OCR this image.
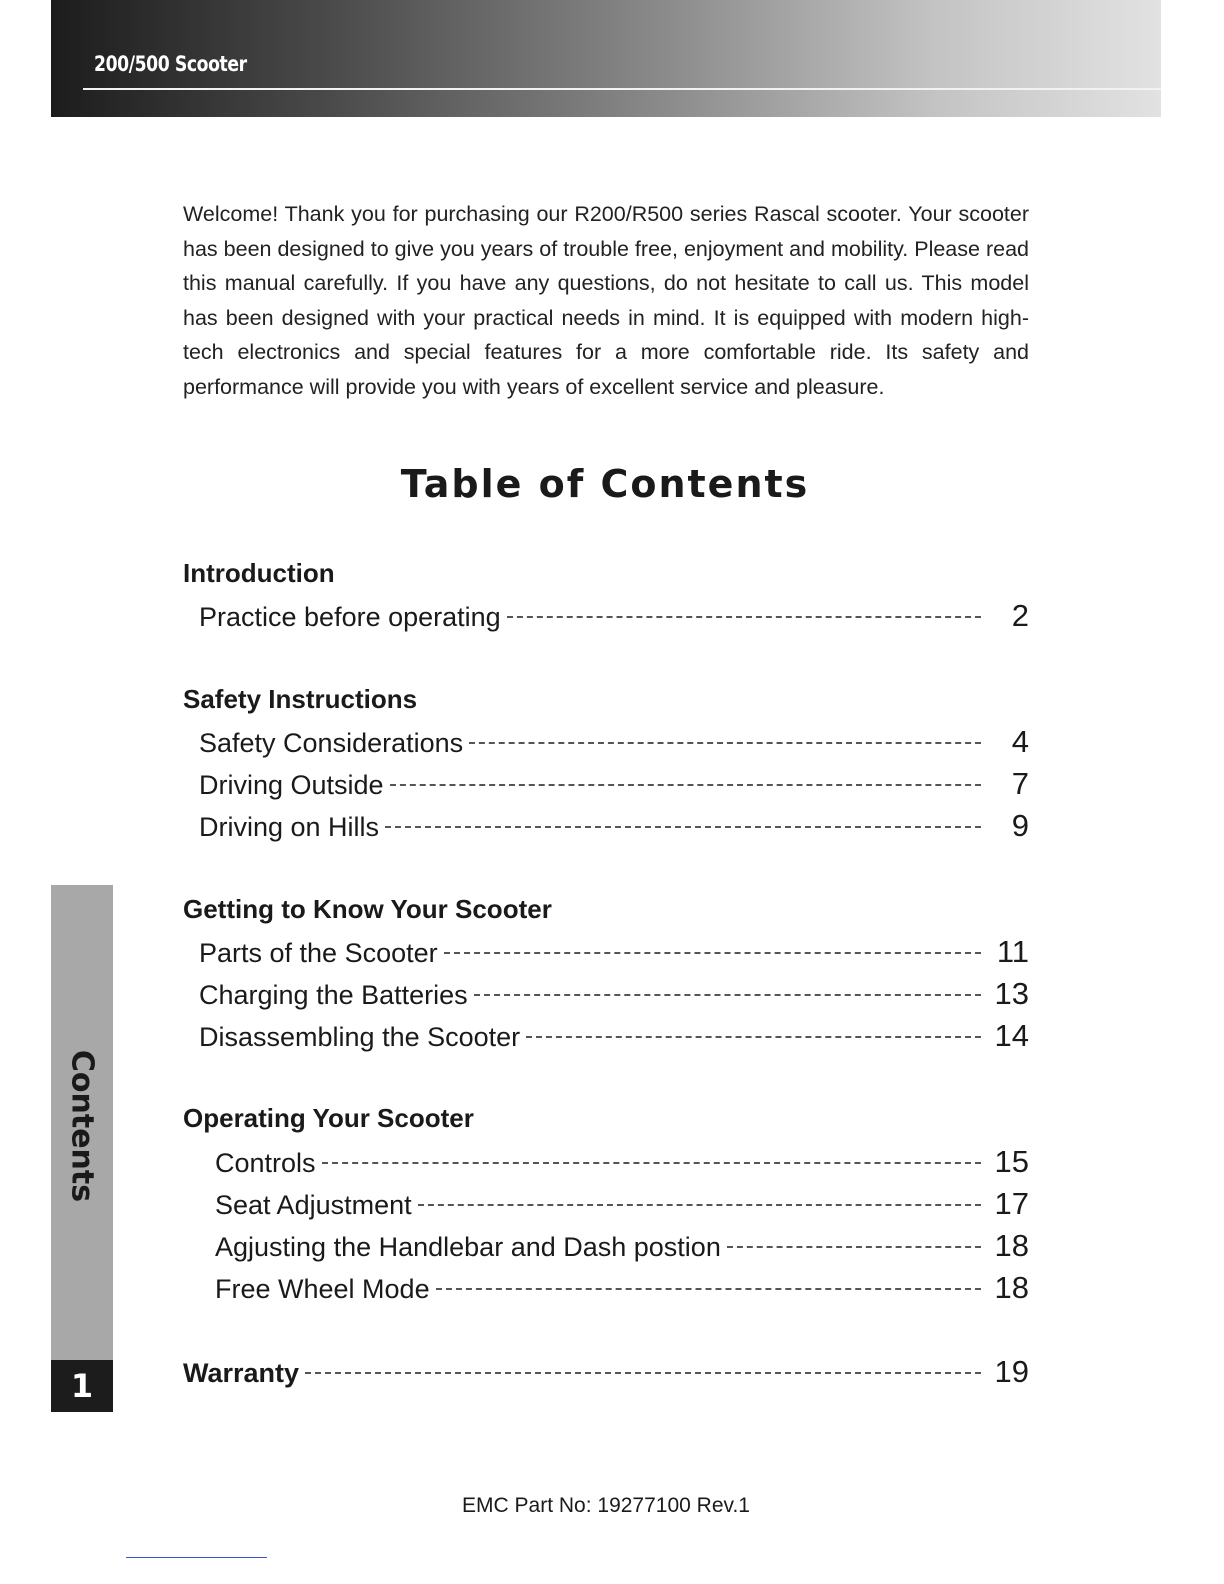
200/500 Scooter

Welcome! Thank you for purchasing our R200/R500 series Rascal scooter. Your scooter has been designed to give you years of trouble free, enjoyment and mobility. Please read this manual carefully. If you have any questions, do not hesitate to call us. This model has been designed with your practical needs in mind. It is equipped with modern high-tech electronics and special features for a more comfortable ride. Its safety and performance will provide you with years of excellent service and pleasure.

Table of Contents
Introduction
Practice before operating	2
Safety Instructions
Safety Considerations	4
Driving Outside	7
Driving on Hills	9
Getting to Know Your Scooter
Parts of the Scooter	11
Charging the Batteries	13
Disassembling the Scooter	14
Operating Your Scooter
Controls	15
Seat Adjustment	17
Agjusting the Handlebar and Dash postion	18
Free Wheel Mode	18
Warranty	19
Contents
1
EMC Part No: 19277100 Rev.1
